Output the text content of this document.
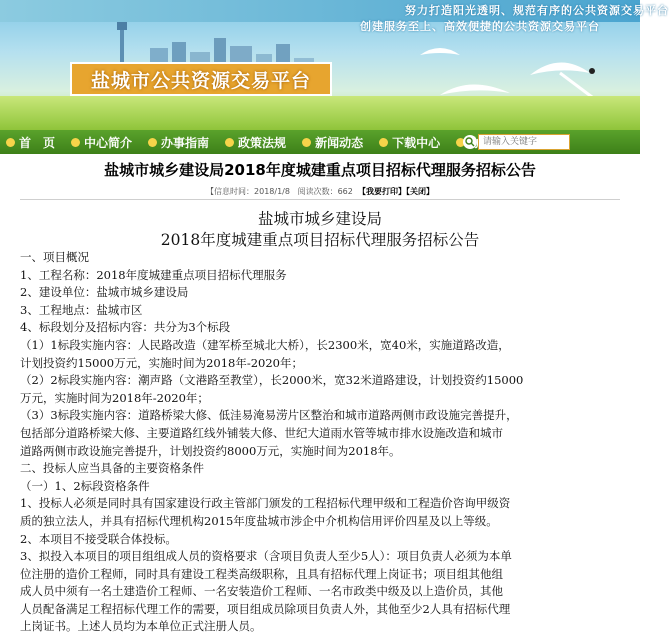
努力打造阳光透明、规范有序的公共资源交易平台
创建服务至上、高效便捷的公共资源交易平台
盐城市公共资源交易平台
首　页 中心简介 办事指南 政策法规 新闻动态 下载中心
请输入关键字
盐城市城乡建设局2018年度城建重点项目招标代理服务招标公告
【信息时间：2018/1/8 阅读次数：662 【我要打印】【关闭】
盐城市城乡建设局
2018年度城建重点项目招标代理服务招标公告
一、项目概况
1、工程名称：2018年度城建重点项目招标代理服务
2、建设单位：盐城市城乡建设局
3、工程地点：盐城市区
4、标段划分及招标内容：共分为3个标段
（1）1标段实施内容：人民路改造（建军桥至城北大桥），长2300米，宽40米，实施道路改造，
计划投资约15000万元，实施时间为2018年-2020年；
（2）2标段实施内容：潮声路（文港路至教堂），长2000米，宽32米道路建设，计划投资约15000
万元，实施时间为2018年-2020年；
（3）3标段实施内容：道路桥梁大修、低洼易淹易涝片区整治和城市道路两侧市政设施完善提升，
包括部分道路桥梁大修、主要道路红线外铺装大修、世纪大道雨水管等城市排水设施改造和城市
道路两侧市政设施完善提升，计划投资约8000万元，实施时间为2018年。
二、投标人应当具备的主要资格条件
（一）1、2标段资格条件
1、投标人必须是同时具有国家建设行政主管部门颁发的工程招标代理甲级和工程造价咨询甲级资
质的独立法人，并具有招标代理机构2015年度盐城市涉企中介机构信用评价四星及以上等级。
2、本项目不接受联合体投标。
3、拟投入本项目的项目组组成人员的资格要求（含项目负责人至少5人）：项目负责人必须为本单
位注册的造价工程师，同时具有建设工程类高级职称，且具有招标代理上岗证书；项目组其他组
成人员中须有一名土建造价工程师、一名安装造价工程师、一名市政类中级及以上造价员，其他
人员配备满足工程招标代理工作的需要，项目组成员除项目负责人外，其他至少2人具有招标代理
上岗证书。上述人员均为本单位正式注册人员。
